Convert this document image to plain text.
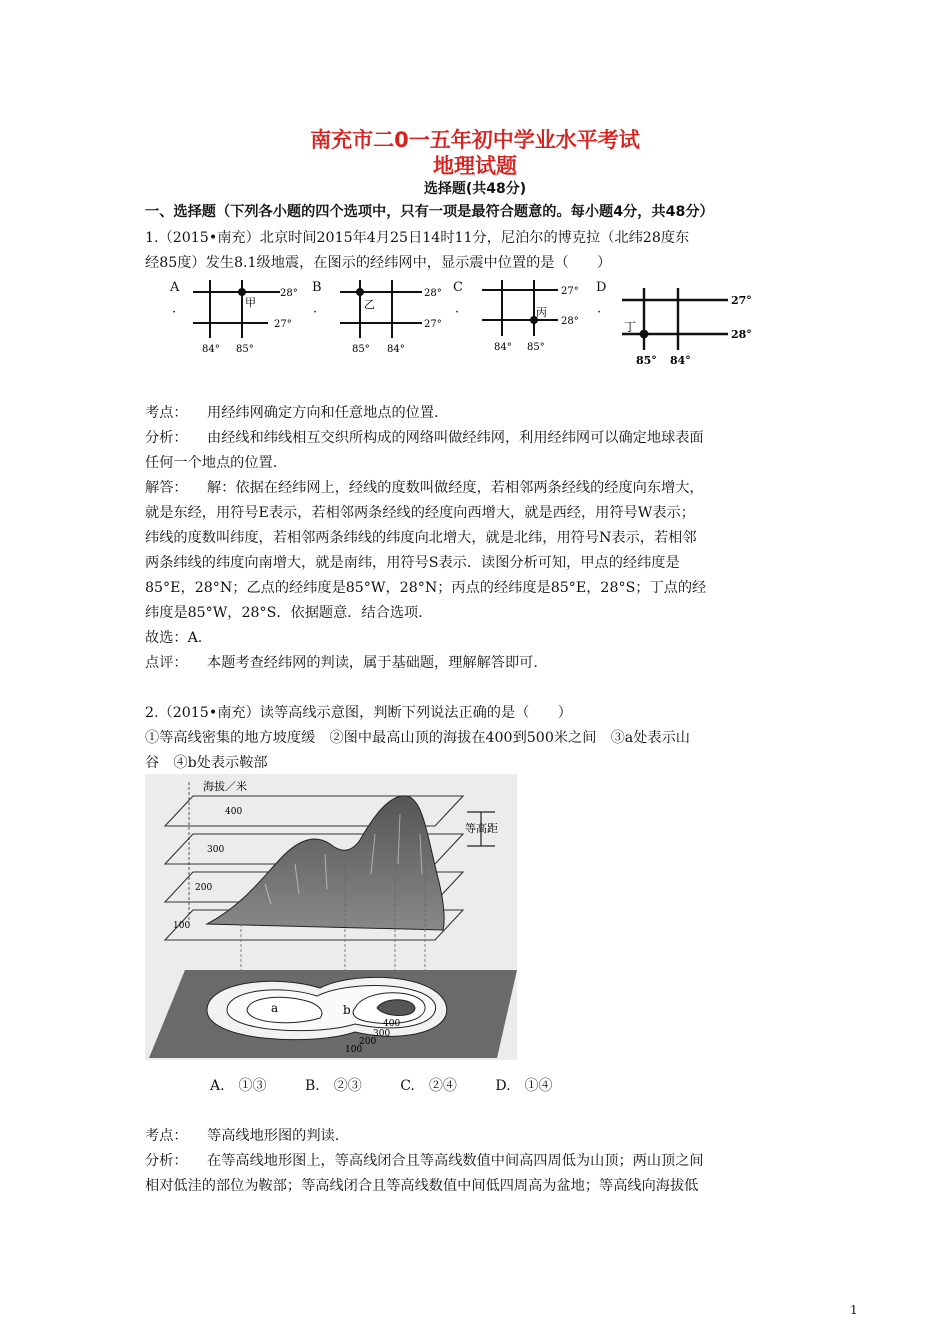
南充市二0一五年初中学业水平考试
地理试题
选择题(共48分)
一、选择题（下列各小题的四个选项中，只有一项是最符合题意的。每小题4分，共48分）
1.（2015•南充）北京时间2015年4月25日14时11分，尼泊尔的博克拉（北纬28度东
经85度）发生8.1级地震，在图示的经纬网中，显示震中位置的是（　　）
A
·
甲
28°
27°
84° 85°
B
·
乙
28°
27°
85° 84°
C
·	丙
27°
28°
84° 85°
D
·
丁
27°
28°
85° 84°
考点： 用经纬网确定方向和任意地点的位置.
分析： 由经线和纬线相互交织所构成的网络叫做经纬网，利用经纬网可以确定地球表面
任何一个地点的位置.
解答： 解：依据在经纬网上，经线的度数叫做经度，若相邻两条经线的经度向东增大，
就是东经，用符号E表示，若相邻两条经线的经度向西增大，就是西经，用符号W表示；
纬线的度数叫纬度，若相邻两条纬线的纬度向北增大，就是北纬，用符号N表示，若相邻
两条纬线的纬度向南增大，就是南纬，用符号S表示．读图分析可知，甲点的经纬度是
85°E，28°N；乙点的经纬度是85°W，28°N；丙点的经纬度是85°E，28°S；丁点的经
纬度是85°W，28°S．依据题意．结合选项.
故选：A.
点评： 本题考查经纬网的判读，属于基础题，理解解答即可.
2.（2015•南充）读等高线示意图，判断下列说法正确的是（　　）
①等高线密集的地方坡度缓　②图中最高山顶的海拔在400到500米之间　③a处表示山
谷　④b处表示鞍部
海拔／米
400
300
200
100
等高距
a	b
400
300
200
100
A.　①③	B.　②③	C.　②④	D.　①④
考点： 等高线地形图的判读.
分析： 在等高线地形图上，等高线闭合且等高线数值中间高四周低为山顶；两山顶之间
相对低洼的部位为鞍部；等高线闭合且等高线数值中间低四周高为盆地；等高线向海拔低
1
